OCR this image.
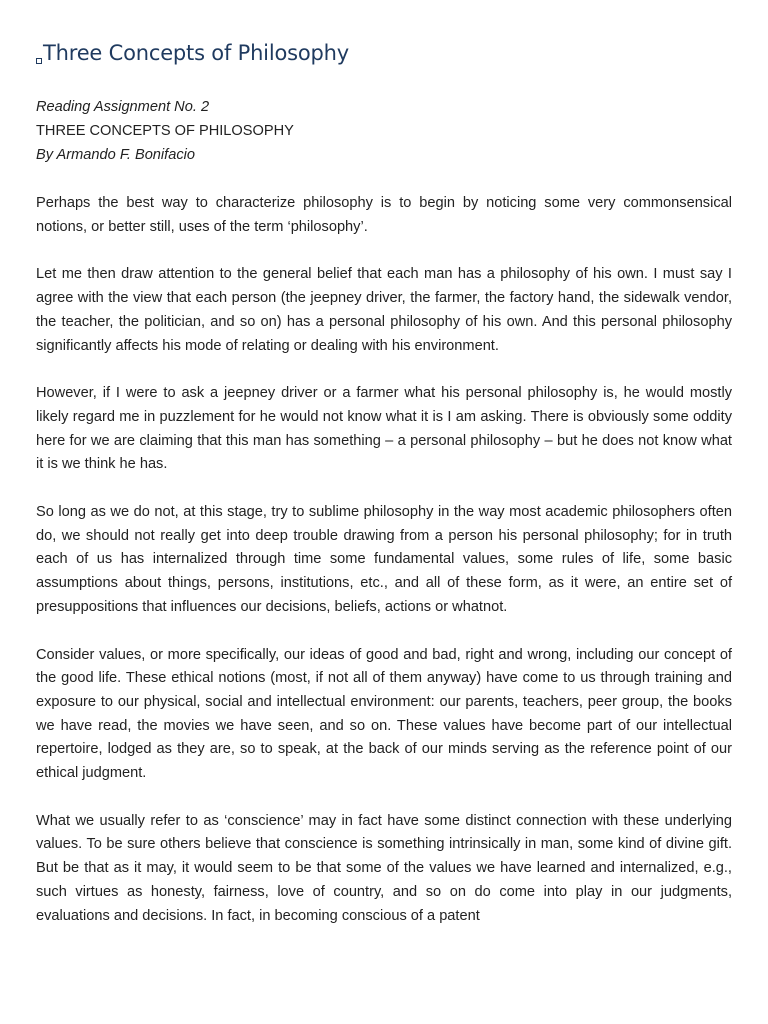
Three Concepts of Philosophy
Reading Assignment No. 2
THREE CONCEPTS OF PHILOSOPHY
By Armando F. Bonifacio

Perhaps the best way to characterize philosophy is to begin by noticing some very commonsensical notions, or better still, uses of the term ‘philosophy’.

Let me then draw attention to the general belief that each man has a philosophy of his own. I must say I agree with the view that each person (the jeepney driver, the farmer, the factory hand, the sidewalk vendor, the teacher, the politician, and so on) has a personal philosophy of his own. And this personal philosophy significantly affects his mode of relating or dealing with his environment.

However, if I were to ask a jeepney driver or a farmer what his personal philosophy is, he would mostly likely regard me in puzzlement for he would not know what it is I am asking. There is obviously some oddity here for we are claiming that this man has something – a personal philosophy – but he does not know what it is we think he has.

So long as we do not, at this stage, try to sublime philosophy in the way most academic philosophers often do, we should not really get into deep trouble drawing from a person his personal philosophy; for in truth each of us has internalized through time some fundamental values, some rules of life, some basic assumptions about things, persons, institutions, etc., and all of these form, as it were, an entire set of presuppositions that influences our decisions, beliefs, actions or whatnot.

Consider values, or more specifically, our ideas of good and bad, right and wrong, including our concept of the good life. These ethical notions (most, if not all of them anyway) have come to us through training and exposure to our physical, social and intellectual environment: our parents, teachers, peer group, the books we have read, the movies we have seen, and so on. These values have become part of our intellectual repertoire, lodged as they are, so to speak, at the back of our minds serving as the reference point of our ethical judgment.

What we usually refer to as ‘conscience’ may in fact have some distinct connection with these underlying values. To be sure others believe that conscience is something intrinsically in man, some kind of divine gift. But be that as it may, it would seem to be that some of the values we have learned and internalized, e.g., such virtues as honesty, fairness, love of country, and so on do come into play in our judgments, evaluations and decisions. In fact, in becoming conscious of a patent
